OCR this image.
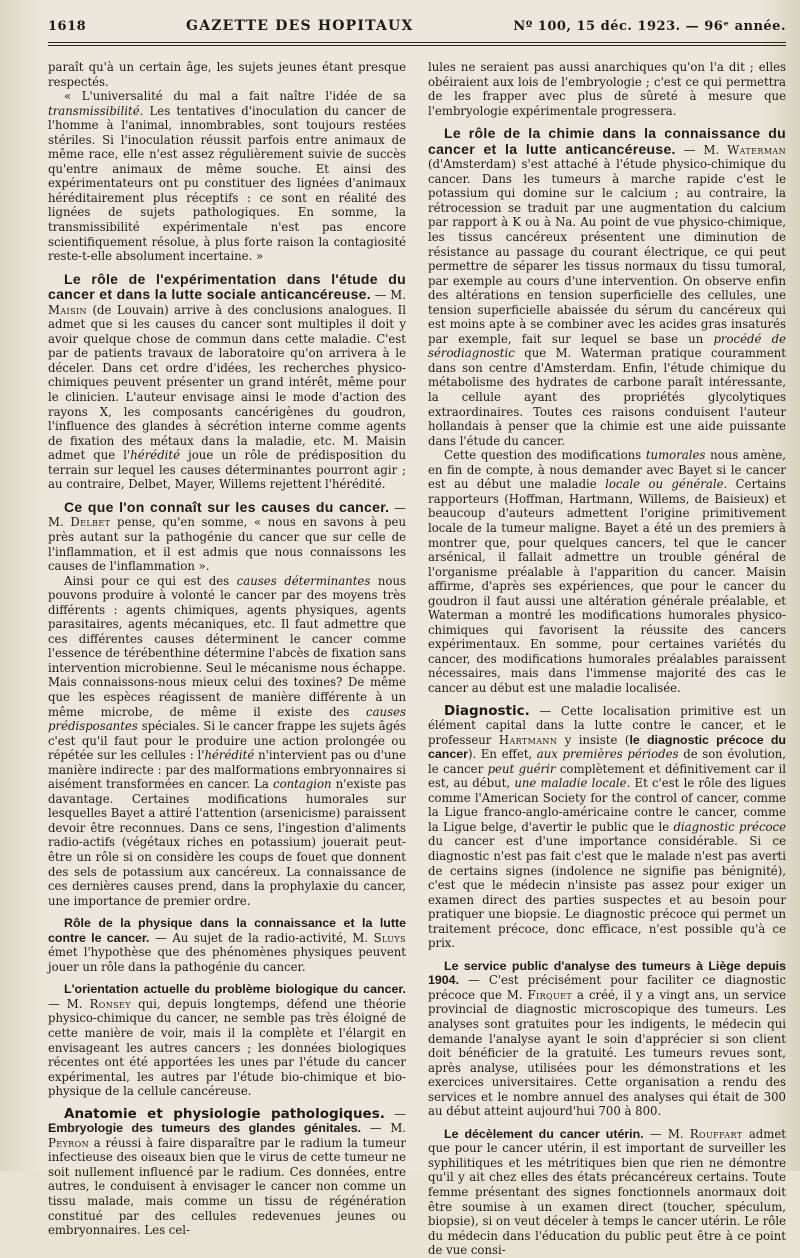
1618	GAZETTE DES HOPITAUX	Nº 100, 15 déc. 1923. — 96ᵉ année.

paraît qu'à un certain âge, les sujets jeunes étant presque respectés.

« L'universalité du mal a fait naître l'idée de sa transmissibilité. Les tentatives d'inoculation du cancer de l'homme à l'animal, innombrables, sont toujours restées stériles. Si l'inoculation réussit parfois entre animaux de même race, elle n'est assez régulièrement suivie de succès qu'entre animaux de même souche. Et ainsi des expérimentateurs ont pu constituer des lignées d'animaux héréditairement plus réceptifs : ce sont en réalité des lignées de sujets pathologiques. En somme, la transmissibilité expérimentale n'est pas encore scientifiquement résolue, à plus forte raison la contagiosité reste-t-elle absolument incertaine. »

Le rôle de l'expérimentation dans l'étude du cancer et dans la lutte sociale anticancéreuse. — M. Maisin (de Louvain) arrive à des conclusions analogues. Il admet que si les causes du cancer sont multiples il doit y avoir quelque chose de commun dans cette maladie. C'est par de patients travaux de laboratoire qu'on arrivera à le déceler. Dans cet ordre d'idées, les recherches physico-chimiques peuvent présenter un grand intérêt, même pour le clinicien. L'auteur envisage ainsi le mode d'action des rayons X, les composants cancérigènes du goudron, l'influence des glandes à sécrétion interne comme agents de fixation des métaux dans la maladie, etc. M. Maisin admet que l'hérédité joue un rôle de prédisposition du terrain sur lequel les causes déterminantes pourront agir ; au contraire, Delbet, Mayer, Willems rejettent l'hérédité.

Ce que l'on connaît sur les causes du cancer. — M. Delbet pense, qu'en somme, « nous en savons à peu près autant sur la pathogénie du cancer que sur celle de l'inflammation, et il est admis que nous connaissons les causes de l'inflammation ».

Ainsi pour ce qui est des causes déterminantes nous pouvons produire à volonté le cancer par des moyens très différents : agents chimiques, agents physiques, agents parasitaires, agents mécaniques, etc. Il faut admettre que ces différentes causes déterminent le cancer comme l'essence de térébenthine détermine l'abcès de fixation sans intervention microbienne. Seul le mécanisme nous échappe. Mais connaissons-nous mieux celui des toxines? De même que les espèces réagissent de manière différente à un même microbe, de même il existe des causes prédisposantes spéciales. Si le cancer frappe les sujets âgés c'est qu'il faut pour le produire une action prolongée ou répétée sur les cellules : l'hérédité n'intervient pas ou d'une manière indirecte : par des malformations embryonnaires si aisément transformées en cancer. La contagion n'existe pas davantage. Certaines modifications humorales sur lesquelles Bayet a attiré l'attention (arsenicisme) paraissent devoir être reconnues. Dans ce sens, l'ingestion d'aliments radio-actifs (végétaux riches en potassium) jouerait peut-être un rôle si on considère les coups de fouet que donnent des sels de potassium aux cancéreux. La connaissance de ces dernières causes prend, dans la prophylaxie du cancer, une importance de premier ordre.

Rôle de la physique dans la connaissance et la lutte contre le cancer. — Au sujet de la radio-activité, M. Sluys émet l'hypothèse que des phénomènes physiques peuvent jouer un rôle dans la pathogénie du cancer.

L'orientation actuelle du problème biologique du cancer. — M. Ronsey qui, depuis longtemps, défend une théorie physico-chimique du cancer, ne semble pas très éloigné de cette manière de voir, mais il la complète et l'élargit en envisageant les autres cancers ; les données biologiques récentes ont été apportées les unes par l'étude du cancer expérimental, les autres par l'étude bio-chimique et bio-physique de la cellule cancéreuse.

Anatomie et physiologie pathologiques. — Embryologie des tumeurs des glandes génitales. — M. Peyron a réussi à faire disparaître par le radium la tumeur infectieuse des oiseaux bien que le virus de cette tumeur ne soit nullement influencé par le radium. Ces données, entre autres, le conduisent à envisager le cancer non comme un tissu malade, mais comme un tissu de régénération constitué par des cellules redevenues jeunes ou embryonnaires. Les cel-

lules ne seraient pas aussi anarchiques qu'on l'a dit ; elles obéiraient aux lois de l'embryologie ; c'est ce qui permettra de les frapper avec plus de sûreté à mesure que l'embryologie expérimentale progressera.

Le rôle de la chimie dans la connaissance du cancer et la lutte anticancéreuse. — M. Waterman (d'Amsterdam) s'est attaché à l'étude physico-chimique du cancer. Dans les tumeurs à marche rapide c'est le potassium qui domine sur le calcium ; au contraire, la rétrocession se traduit par une augmentation du calcium par rapport à K ou à Na. Au point de vue physico-chimique, les tissus cancéreux présentent une diminution de résistance au passage du courant électrique, ce qui peut permettre de séparer les tissus normaux du tissu tumoral, par exemple au cours d'une intervention. On observe enfin des altérations en tension superficielle des cellules, une tension superficielle abaissée du sérum du cancéreux qui est moins apte à se combiner avec les acides gras insaturés par exemple, fait sur lequel se base un procédé de sérodiagnostic que M. Waterman pratique couramment dans son centre d'Amsterdam. Enfin, l'étude chimique du métabolisme des hydrates de carbone paraît intéressante, la cellule ayant des propriétés glycolytiques extraordinaires. Toutes ces raisons conduisent l'auteur hollandais à penser que la chimie est une aide puissante dans l'étude du cancer.

Cette question des modifications tumorales nous amène, en fin de compte, à nous demander avec Bayet si le cancer est au début une maladie locale ou générale. Certains rapporteurs (Hoffman, Hartmann, Willems, de Baisieux) et beaucoup d'auteurs admettent l'origine primitivement locale de la tumeur maligne. Bayet a été un des premiers à montrer que, pour quelques cancers, tel que le cancer arsénical, il fallait admettre un trouble général de l'organisme préalable à l'apparition du cancer. Maisin affirme, d'après ses expériences, que pour le cancer du goudron il faut aussi une altération générale préalable, et Waterman a montré les modifications humorales physico-chimiques qui favorisent la réussite des cancers expérimentaux. En somme, pour certaines variétés du cancer, des modifications humorales préalables paraissent nécessaires, mais dans l'immense majorité des cas le cancer au début est une maladie localisée.

Diagnostic. — Cette localisation primitive est un élément capital dans la lutte contre le cancer, et le professeur Hartmann y insiste (le diagnostic précoce du cancer). En effet, aux premières périodes de son évolution, le cancer peut guérir complètement et définitivement car il est, au début, une maladie locale. Et c'est le rôle des ligues comme l'American Society for the control of cancer, comme la Ligue franco-anglo-américaine contre le cancer, comme la Ligue belge, d'avertir le public que le diagnostic précoce du cancer est d'une importance considérable. Si ce diagnostic n'est pas fait c'est que le malade n'est pas averti de certains signes (indolence ne signifie pas bénignité), c'est que le médecin n'insiste pas assez pour exiger un examen direct des parties suspectes et au besoin pour pratiquer une biopsie. Le diagnostic précoce qui permet un traitement précoce, donc efficace, n'est possible qu'à ce prix.

Le service public d'analyse des tumeurs à Liège depuis 1904. — C'est précisément pour faciliter ce diagnostic précoce que M. Firquet a créé, il y a vingt ans, un service provincial de diagnostic microscopique des tumeurs. Les analyses sont gratuites pour les indigents, le médecin qui demande l'analyse ayant le soin d'apprécier si son client doit bénéficier de la gratuité. Les tumeurs revues sont, après analyse, utilisées pour les démonstrations et les exercices universitaires. Cette organisation a rendu des services et le nombre annuel des analyses qui était de 300 au début atteint aujourd'hui 700 à 800.

Le décèlement du cancer utérin. — M. Rouffart admet que pour le cancer utérin, il est important de surveiller les syphilitiques et les métritiques bien que rien ne démontre qu'il y ait chez elles des états précancéreux certains. Toute femme présentant des signes fonctionnels anormaux doit être soumise à un examen direct (toucher, spéculum, biopsie), si on veut déceler à temps le cancer utérin. Le rôle du médecin dans l'éducation du public peut être à ce point de vue consi-
